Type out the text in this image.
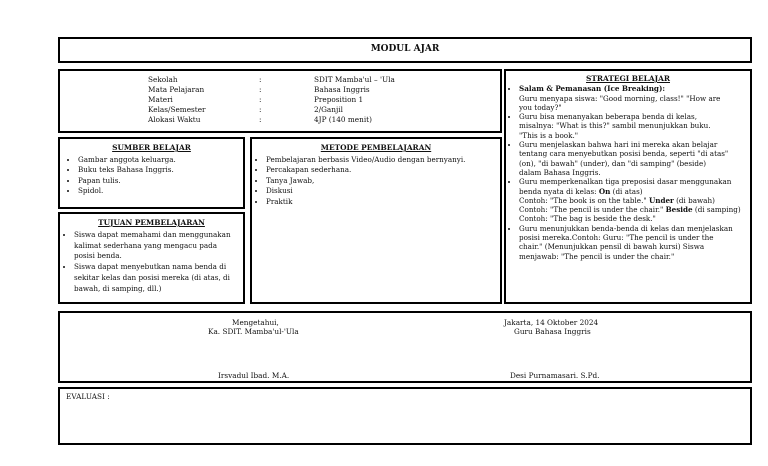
MODUL AJAR
Sekolah	:	SDIT Mamba'ul – 'Ula
Mata Pelajaran	:	Bahasa Inggris
Materi	:	Preposition 1
Kelas/Semester	:	2/Ganjil
Alokasi Waktu	:	4JP (140 menit)
STRATEGI BELAJAR
• Salam & Pemanasan (Ice Breaking):
Guru menyapa siswa: "Good morning, class!" "How are
you today?"
• Guru bisa menanyakan beberapa benda di kelas,
misalnya: "What is this?" sambil menunjukkan buku.
"This is a book."
• Guru menjelaskan bahwa hari ini mereka akan belajar
tentang cara menyebutkan posisi benda, seperti "di atas"
(on), "di bawah" (under), dan "di samping" (beside)
dalam Bahasa Inggris.
• Guru memperkenalkan tiga preposisi dasar menggunakan
benda nyata di kelas: On (di atas)
Contoh: "The book is on the table." Under (di bawah)
Contoh: "The pencil is under the chair." Beside (di samping)
Contoh: "The bag is beside the desk."
• Guru menunjukkan benda-benda di kelas dan menjelaskan
posisi mereka.Contoh: Guru: "The pencil is under the
chair." (Menunjukkan pensil di bawah kursi) Siswa
menjawab: "The pencil is under the chair."
SUMBER BELAJAR
• Gambar anggota keluarga.
• Buku teks Bahasa Inggris.
• Papan tulis.
• Spidol.
METODE PEMBELAJARAN
• Pembelajaran berbasis Video/Audio dengan bernyanyi.
• Percakapan sederhana.
• Tanya Jawab,
• Diskusi
• Praktik
TUJUAN PEMBELAJARAN
• Siswa dapat memahami dan menggunakan
kalimat sederhana yang mengacu pada
posisi benda.
• Siswa dapat menyebutkan nama benda di
sekitar kelas dan posisi mereka (di atas, di
bawah, di samping, dll.)
Mengetahui,
Ka. SDIT. Mamba'ul-'Ula
Irsvadul Ibad. M.A.
Jakarta, 14 Oktober 2024
Guru Bahasa Inggris
Desi Purnamasari. S.Pd.
EVALUASI :
